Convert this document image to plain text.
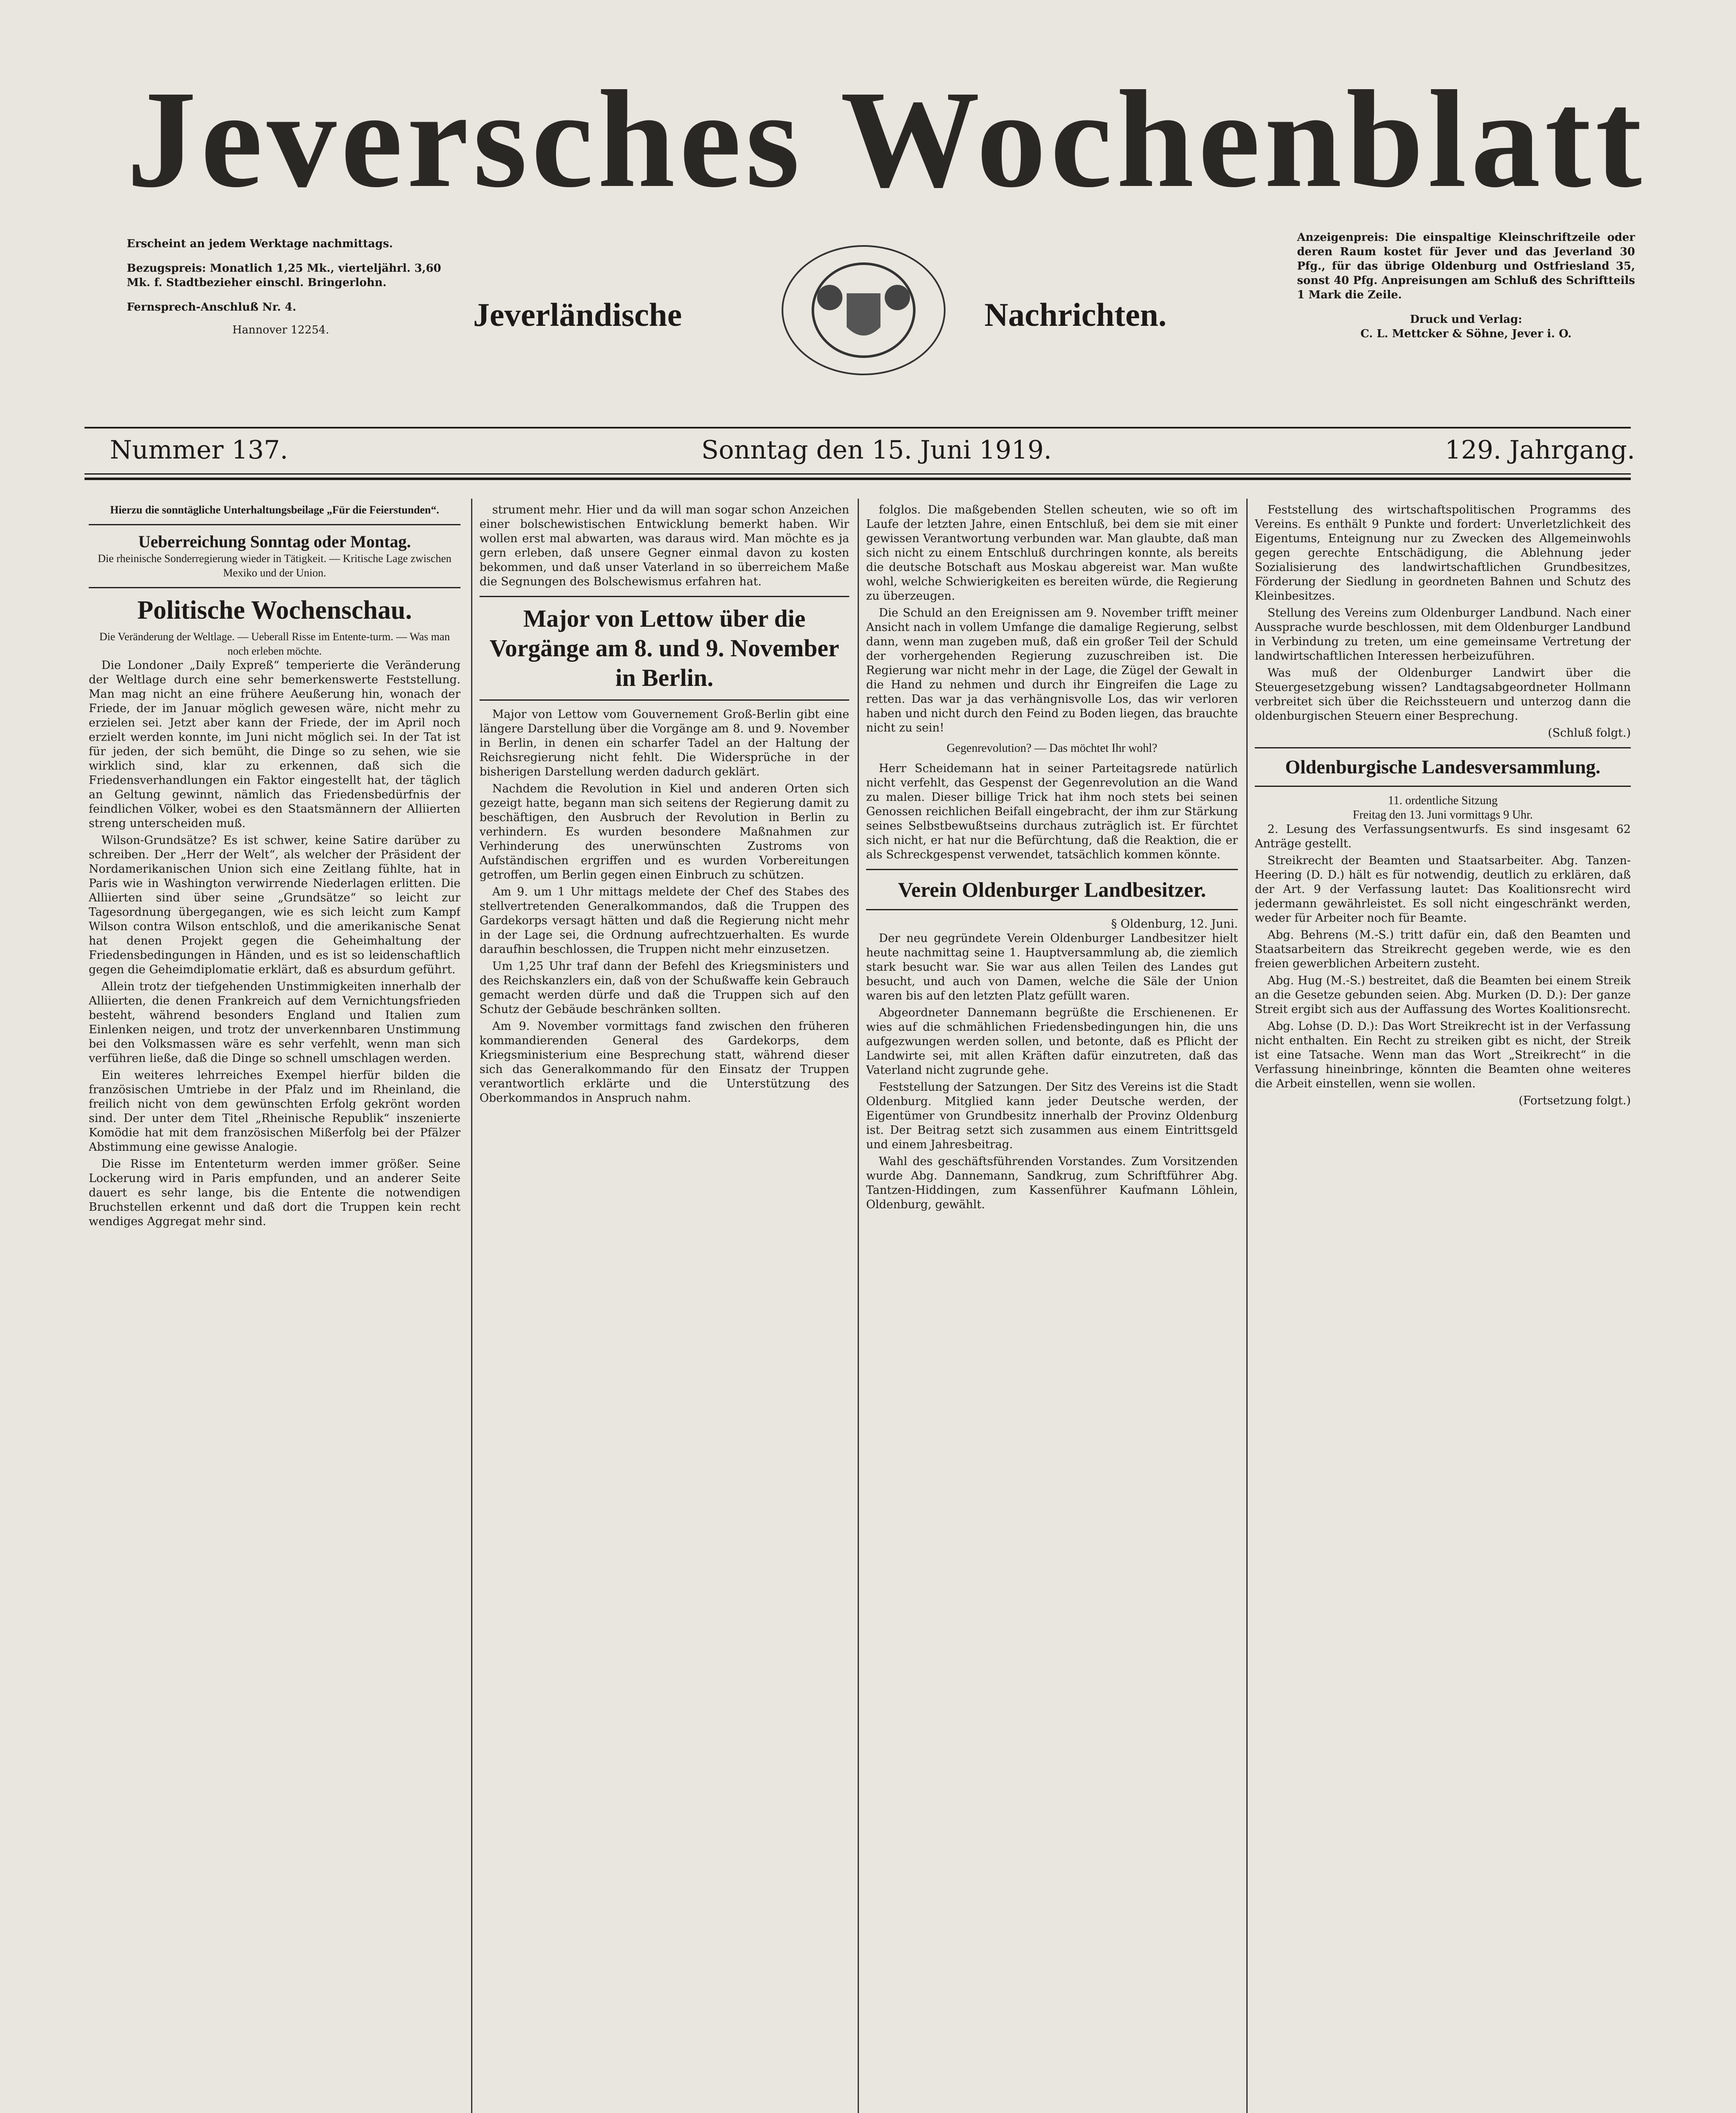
Jeversches Wochenblatt
Erscheint an jedem Werktage nachmittags.
Bezugspreis: Monatlich 1,25 Mk., vierteljährl. 3,60 Mk. f. Stadtbezieher einschl. Bringerlohn.
Fernsprech-Anschluß Nr. 4.
Hannover 12254.	Jeverländische	Nachrichten.
Anzeigenpreis: Die einspaltige Kleinschriftzeile oder deren Raum kostet für Jever und das Jeverland 30 Pfg., für das übrige Oldenburg und Ostfriesland 35, sonst 40 Pfg. Anpreisungen am Schluß des Schriftteils 1 Mark die Zeile.
Druck und Verlag:
C. L. Mettcker & Söhne, Jever i. O.
Nummer 137.	Sonntag den 15. Juni 1919.	129. Jahrgang.
Hierzu die sonntägliche Unterhaltungsbeilage „Für die Feierstunden“.
Ueberreichung Sonntag oder Montag.
Die rheinische Sonderregierung wieder in Tätigkeit. — Kritische Lage zwischen Mexiko und der Union.
Politische Wochenschau.
Die Veränderung der Weltlage. — Ueberall Risse im Entente-turm. — Was man noch erleben möchte.

Die Londoner „Daily Expreß“ temperierte die Veränderung der Weltlage durch eine sehr bemerkenswerte Feststellung. Man mag nicht an eine frühere Aeußerung hin, wonach der Friede, der im Januar möglich gewesen wäre, nicht mehr zu erzielen sei. Jetzt aber kann der Friede, der im April noch erzielt werden konnte, im Juni nicht möglich sei. In der Tat ist für jeden, der sich bemüht, die Dinge so zu sehen, wie sie wirklich sind, klar zu erkennen, daß sich die Friedensverhandlungen ein Faktor eingestellt hat, der täglich an Geltung gewinnt, nämlich das Friedensbedürfnis der feindlichen Völker, wobei es den Staatsmännern der Alliierten streng unterscheiden muß.

Wilson-Grundsätze? Es ist schwer, keine Satire darüber zu schreiben. Der „Herr der Welt“, als welcher der Präsident der Nordamerikanischen Union sich eine Zeitlang fühlte, hat in Paris wie in Washington verwirrende Niederlagen erlitten. Die Alliierten sind über seine „Grundsätze“ so leicht zur Tagesordnung übergegangen, wie es sich leicht zum Kampf Wilson contra Wilson entschloß, und die amerikanische Senat hat denen Projekt gegen die Geheimhaltung der Friedensbedingungen in Händen, und es ist so leidenschaftlich gegen die Geheimdiplomatie erklärt, daß es absurdum geführt.

Allein trotz der tiefgehenden Unstimmigkeiten innerhalb der Alliierten, die denen Frankreich auf dem Vernichtungsfrieden besteht, während besonders England und Italien zum Einlenken neigen, und trotz der unverkennbaren Unstimmung bei den Volksmassen wäre es sehr verfehlt, wenn man sich verführen ließe, daß die Dinge so schnell umschlagen werden.

Ein weiteres lehrreiches Exempel hierfür bilden die französischen Umtriebe in der Pfalz und im Rheinland, die freilich nicht von dem gewünschten Erfolg gekrönt worden sind. Der unter dem Titel „Rheinische Republik“ inszenierte Komödie hat mit dem französischen Mißerfolg bei der Pfälzer Abstimmung eine gewisse Analogie.

Die Risse im Ententeturm werden immer größer. Seine Lockerung wird in Paris empfunden, und an anderer Seite dauert es sehr lange, bis die Entente die notwendigen Bruchstellen erkennt und daß dort die Truppen kein recht wendiges Aggregat mehr sind.

strument mehr. Hier und da will man sogar schon Anzeichen einer bolschewistischen Entwicklung bemerkt haben. Wir wollen erst mal abwarten, was daraus wird. Man möchte es ja gern erleben, daß unsere Gegner einmal davon zu kosten bekommen, und daß unser Vaterland in so überreichem Maße die Segnungen des Bolschewismus erfahren hat.

Major von Lettow über die Vorgänge am 8. und 9. November in Berlin.

Major von Lettow vom Gouvernement Groß-Berlin gibt eine längere Darstellung über die Vorgänge am 8. und 9. November in Berlin, in denen ein scharfer Tadel an der Haltung der Reichsregierung nicht fehlt. Die Widersprüche in der bisherigen Darstellung werden dadurch geklärt.

Nachdem die Revolution in Kiel und anderen Orten sich gezeigt hatte, begann man sich seitens der Regierung damit zu beschäftigen, den Ausbruch der Revolution in Berlin zu verhindern. Es wurden besondere Maßnahmen zur Verhinderung des unerwünschten Zustroms von Aufständischen ergriffen und es wurden Vorbereitungen getroffen, um Berlin gegen einen Einbruch zu schützen.

Am 9. um 1 Uhr mittags meldete der Chef des Stabes des stellvertretenden Generalkommandos, daß die Truppen des Gardekorps versagt hätten und daß die Regierung nicht mehr in der Lage sei, die Ordnung aufrechtzuerhalten. Es wurde daraufhin beschlossen, die Truppen nicht mehr einzusetzen.

Um 1,25 Uhr traf dann der Befehl des Kriegsministers und des Reichskanzlers ein, daß von der Schußwaffe kein Gebrauch gemacht werden dürfe und daß die Truppen sich auf den Schutz der Gebäude beschränken sollten.

Am 9. November vormittags fand zwischen den früheren kommandierenden General des Gardekorps, dem Kriegsministerium eine Besprechung statt, während dieser sich das Generalkommando für den Einsatz der Truppen verantwortlich erklärte und die Unterstützung des Oberkommandos in Anspruch nahm.

folglos. Die maßgebenden Stellen scheuten, wie so oft im Laufe der letzten Jahre, einen Entschluß, bei dem sie mit einer gewissen Verantwortung verbunden war. Man glaubte, daß man sich nicht zu einem Entschluß durchringen konnte, als bereits die deutsche Botschaft aus Moskau abgereist war. Man wußte wohl, welche Schwierigkeiten es bereiten würde, die Regierung zu überzeugen.

Die Schuld an den Ereignissen am 9. November trifft meiner Ansicht nach in vollem Umfange die damalige Regierung, selbst dann, wenn man zugeben muß, daß ein großer Teil der Schuld der vorhergehenden Regierung zuzuschreiben ist. Die Regierung war nicht mehr in der Lage, die Zügel der Gewalt in die Hand zu nehmen und durch ihr Eingreifen die Lage zu retten. Das war ja das verhängnisvolle Los, das wir verloren haben und nicht durch den Feind zu Boden liegen, das brauchte nicht zu sein!

Gegenrevolution? — Das möchtet Ihr wohl?

Herr Scheidemann hat in seiner Parteitagsrede natürlich nicht verfehlt, das Gespenst der Gegenrevolution an die Wand zu malen. Dieser billige Trick hat ihm noch stets bei seinen Genossen reichlichen Beifall eingebracht, der ihm zur Stärkung seines Selbstbewußtseins durchaus zuträglich ist. Er fürchtet sich nicht, er hat nur die Befürchtung, daß die Reaktion, die er als Schreckgespenst verwendet, tatsächlich kommen könnte.

Verein Oldenburger Landbesitzer.
§ Oldenburg, 12. Juni.

Der neu gegründete Verein Oldenburger Landbesitzer hielt heute nachmittag seine 1. Hauptversammlung ab, die ziemlich stark besucht war. Sie war aus allen Teilen des Landes gut besucht, und auch von Damen, welche die Säle der Union waren bis auf den letzten Platz gefüllt waren.

Abgeordneter Dannemann begrüßte die Erschienenen. Er wies auf die schmählichen Friedensbedingungen hin, die uns aufgezwungen werden sollen, und betonte, daß es Pflicht der Landwirte sei, mit allen Kräften dafür einzutreten, daß das Vaterland nicht zugrunde gehe.

Feststellung der Satzungen. Der Sitz des Vereins ist die Stadt Oldenburg. Mitglied kann jeder Deutsche werden, der Eigentümer von Grundbesitz innerhalb der Provinz Oldenburg ist. Der Beitrag setzt sich zusammen aus einem Eintrittsgeld und einem Jahresbeitrag.

Wahl des geschäftsführenden Vorstandes. Zum Vorsitzenden wurde Abg. Dannemann, Sandkrug, zum Schriftführer Abg. Tantzen-Hiddingen, zum Kassenführer Kaufmann Löhlein, Oldenburg, gewählt.

Feststellung des wirtschaftspolitischen Programms des Vereins. Es enthält 9 Punkte und fordert: Unverletzlichkeit des Eigentums, Enteignung nur zu Zwecken des Allgemeinwohls gegen gerechte Entschädigung, die Ablehnung jeder Sozialisierung des landwirtschaftlichen Grundbesitzes, Förderung der Siedlung in geordneten Bahnen und Schutz des Kleinbesitzes.

Stellung des Vereins zum Oldenburger Landbund. Nach einer Aussprache wurde beschlossen, mit dem Oldenburger Landbund in Verbindung zu treten, um eine gemeinsame Vertretung der landwirtschaftlichen Interessen herbeizuführen.

Was muß der Oldenburger Landwirt über die Steuergesetzgebung wissen? Landtagsabgeordneter Hollmann verbreitet sich über die Reichssteuern und unterzog dann die oldenburgischen Steuern einer Besprechung.

(Schluß folgt.)
Oldenburgische Landesversammlung.
11. ordentliche Sitzung
Freitag den 13. Juni vormittags 9 Uhr.

2. Lesung des Verfassungsentwurfs. Es sind insgesamt 62 Anträge gestellt.

Streikrecht der Beamten und Staatsarbeiter. Abg. Tanzen-Heering (D. D.) hält es für notwendig, deutlich zu erklären, daß der Art. 9 der Verfassung lautet: Das Koalitionsrecht wird jedermann gewährleistet. Es soll nicht eingeschränkt werden, weder für Arbeiter noch für Beamte.

Abg. Behrens (M.-S.) tritt dafür ein, daß den Beamten und Staatsarbeitern das Streikrecht gegeben werde, wie es den freien gewerblichen Arbeitern zusteht.

Abg. Hug (M.-S.) bestreitet, daß die Beamten bei einem Streik an die Gesetze gebunden seien. Abg. Murken (D. D.): Der ganze Streit ergibt sich aus der Auffassung des Wortes Koalitionsrecht.

Abg. Lohse (D. D.): Das Wort Streikrecht ist in der Verfassung nicht enthalten. Ein Recht zu streiken gibt es nicht, der Streik ist eine Tatsache. Wenn man das Wort „Streikrecht“ in die Verfassung hineinbringe, könnten die Beamten ohne weiteres die Arbeit einstellen, wenn sie wollen.

(Fortsetzung folgt.)
